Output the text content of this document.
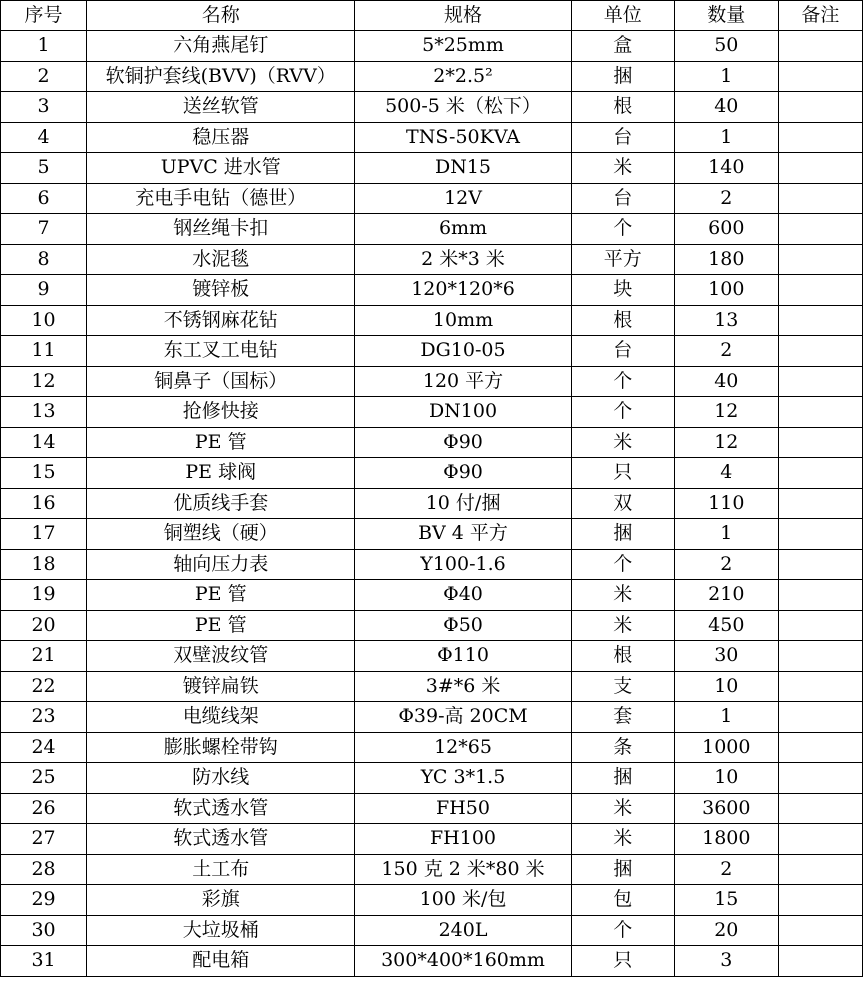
序号	名称	规格	单位	数量	备注
1	六角燕尾钉	5*25mm	盒	50	
2	软铜护套线(BVV)（RVV）	2*2.5²	捆	1	
3	送丝软管	500-5 米（松下）	根	40	
4	稳压器	TNS-50KVA	台	1	
5	UPVC 进水管	DN15	米	140	
6	充电手电钻（德世）	12V	台	2	
7	钢丝绳卡扣	6mm	个	600	
8	水泥毯	2 米*3 米	平方	180	
9	镀锌板	120*120*6	块	100	
10	不锈钢麻花钻	10mm	根	13	
11	东工叉工电钻	DG10-05	台	2	
12	铜鼻子（国标）	120 平方	个	40	
13	抢修快接	DN100	个	12	
14	PE 管	Φ90	米	12	
15	PE 球阀	Φ90	只	4	
16	优质线手套	10 付/捆	双	110	
17	铜塑线（硬）	BV 4 平方	捆	1	
18	轴向压力表	Y100-1.6	个	2	
19	PE 管	Φ40	米	210	
20	PE 管	Φ50	米	450	
21	双壁波纹管	Φ110	根	30	
22	镀锌扁铁	3#*6 米	支	10	
23	电缆线架	Φ39-高 20CM	套	1	
24	膨胀螺栓带钩	12*65	条	1000	
25	防水线	YC 3*1.5	捆	10	
26	软式透水管	FH50	米	3600	
27	软式透水管	FH100	米	1800	
28	土工布	150 克 2 米*80 米	捆	2	
29	彩旗	100 米/包	包	15	
30	大垃圾桶	240L	个	20	
31	配电箱	300*400*160mm	只	3	
